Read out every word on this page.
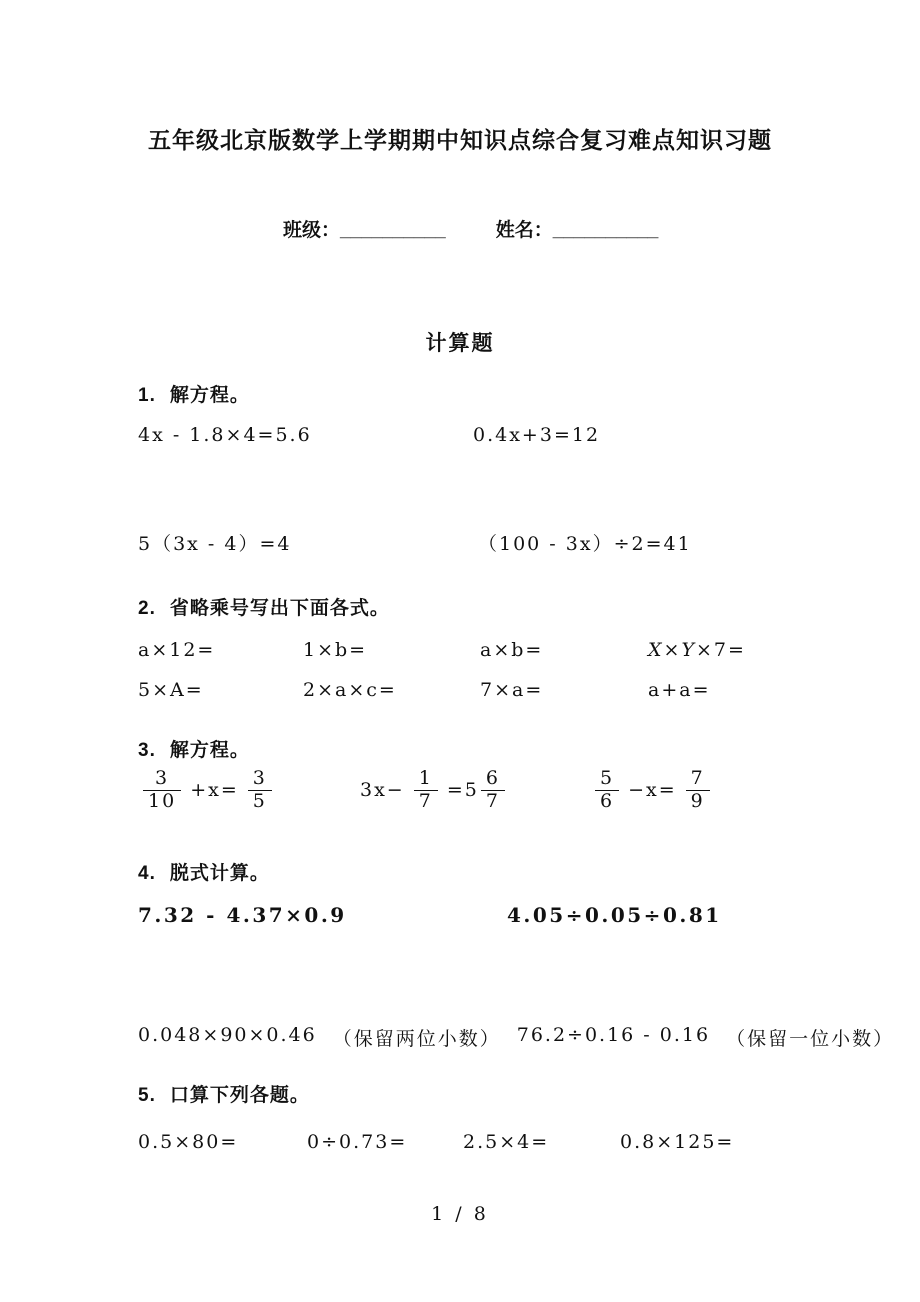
五年级北京版数学上学期期中知识点综合复习难点知识习题
班级： __________	姓名： __________
计算题
1. 解方程。
4x - 1.8×4=5.6	0.4x+3=12
5（3x - 4）=4	（100 - 3x）÷2=41
2. 省略乘号写出下面各式。
a×12=	1×b=	a×b=	X×Y×7=
5×A=	2×a×c=	7×a=	a+a=
3. 解方程。
$\frac{3}{10} +x= \frac{3}{5}$	$3x- \frac{1}{7} =5 \frac{6}{7}$	$\frac{5}{6} -x= \frac{7}{9}$
4. 脱式计算。
7.32 - 4.37×0.9	4.05÷0.05÷0.81
0.048×90×0.46 （保留两位小数） 76.2÷0.16 - 0.16 （保留一位小数）
5. 口算下列各题。
0.5×80=	0÷0.73=	2.5×4=	0.8×125=
1 / 8
